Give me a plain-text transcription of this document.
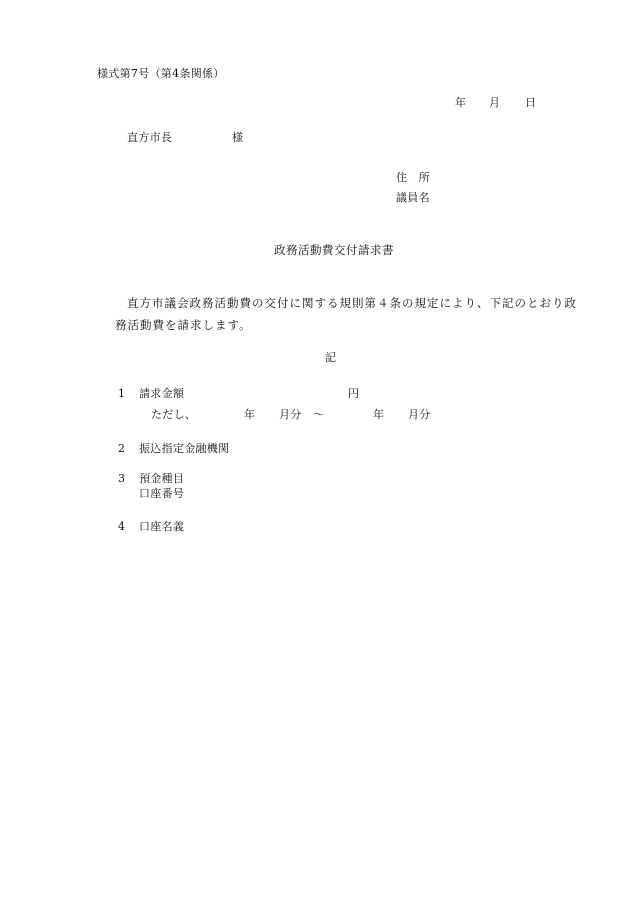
様式第7号（第4条関係）
年 月 日
直方市長	様
住　所
議員名
政務活動費交付請求書
直方市議会政務活動費の交付に関する規則第４条の規定により、下記のとおり政
務活動費を請求します。
記
1 請求金額	円
ただし、	年 月分 ～	年 月分
2 振込指定金融機関
3 預金種目
口座番号
4 口座名義
